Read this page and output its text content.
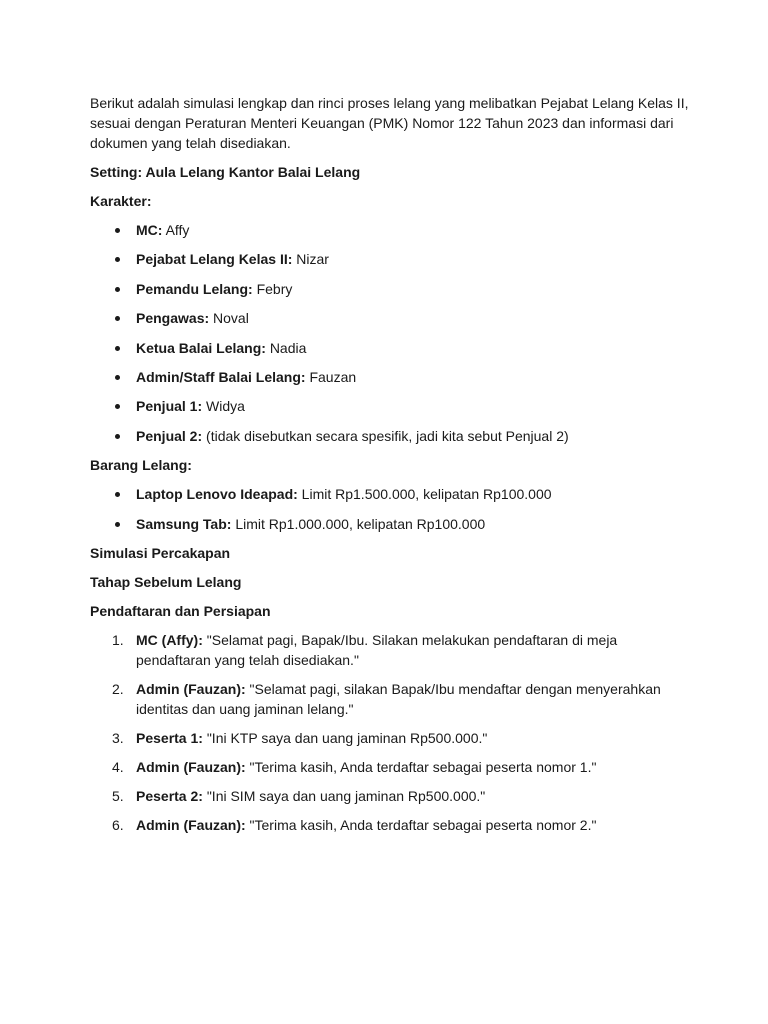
Berikut adalah simulasi lengkap dan rinci proses lelang yang melibatkan Pejabat Lelang Kelas II, sesuai dengan Peraturan Menteri Keuangan (PMK) Nomor 122 Tahun 2023 dan informasi dari dokumen yang telah disediakan.

Setting: Aula Lelang Kantor Balai Lelang

Karakter:

MC: Affy
Pejabat Lelang Kelas II: Nizar
Pemandu Lelang: Febry
Pengawas: Noval
Ketua Balai Lelang: Nadia
Admin/Staff Balai Lelang: Fauzan
Penjual 1: Widya
Penjual 2: (tidak disebutkan secara spesifik, jadi kita sebut Penjual 2)

Barang Lelang:

Laptop Lenovo Ideapad: Limit Rp1.500.000, kelipatan Rp100.000
Samsung Tab: Limit Rp1.000.000, kelipatan Rp100.000

Simulasi Percakapan

Tahap Sebelum Lelang

Pendaftaran dan Persiapan

1. MC (Affy): "Selamat pagi, Bapak/Ibu. Silakan melakukan pendaftaran di meja pendaftaran yang telah disediakan."
2. Admin (Fauzan): "Selamat pagi, silakan Bapak/Ibu mendaftar dengan menyerahkan identitas dan uang jaminan lelang."
3. Peserta 1: "Ini KTP saya dan uang jaminan Rp500.000."
4. Admin (Fauzan): "Terima kasih, Anda terdaftar sebagai peserta nomor 1."
5. Peserta 2: "Ini SIM saya dan uang jaminan Rp500.000."
6. Admin (Fauzan): "Terima kasih, Anda terdaftar sebagai peserta nomor 2."
